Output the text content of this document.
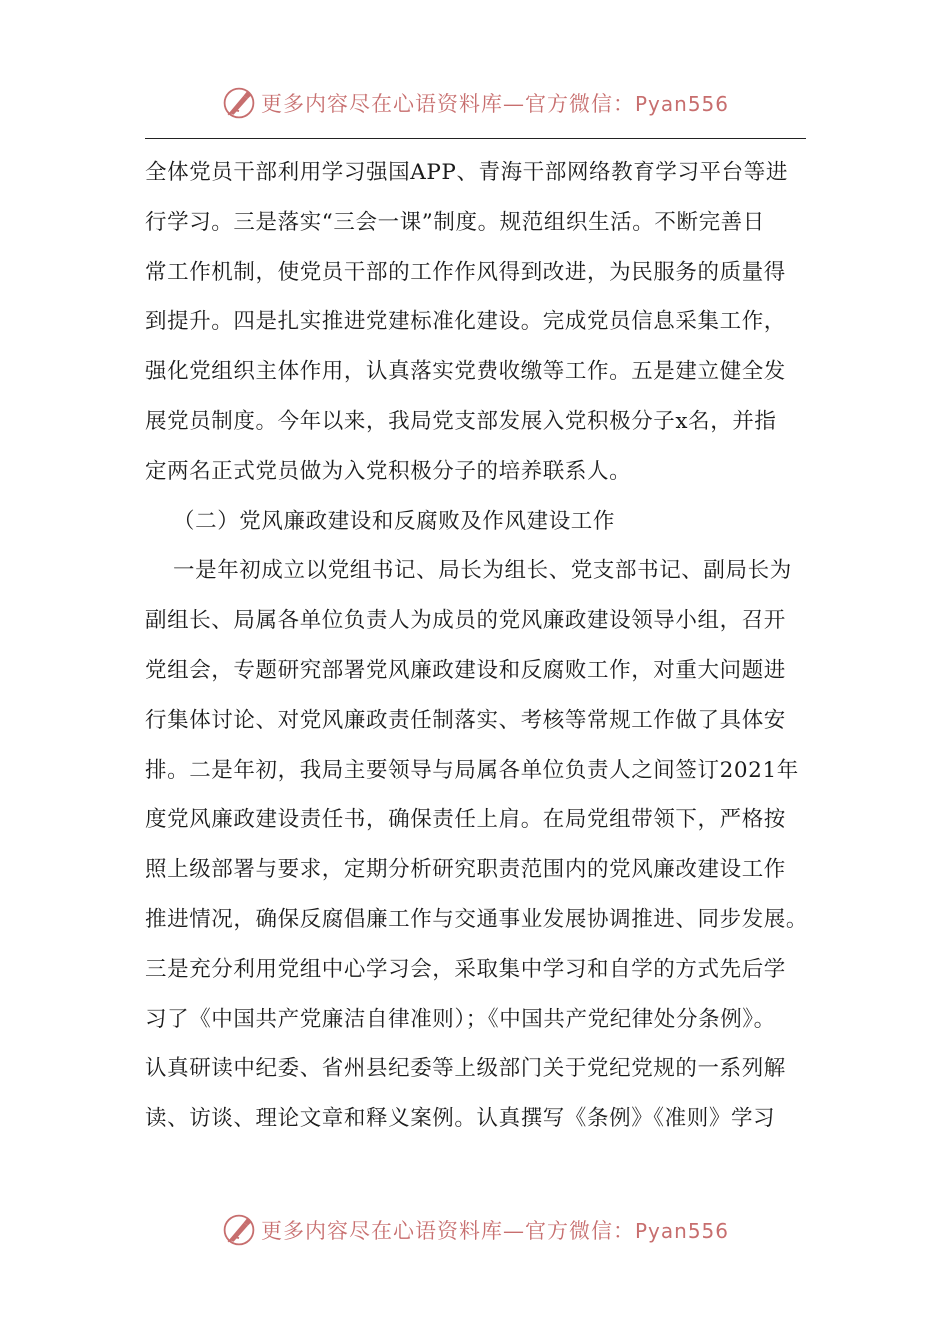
更多内容尽在心语资料库—官方微信：Pyan556
全体党员干部利用学习强国APP、青海干部网络教育学习平台等进
行学习。三是落实“三会一课”制度。规范组织生活。不断完善日
常工作机制，使党员干部的工作作风得到改进，为民服务的质量得
到提升。四是扎实推进党建标准化建设。完成党员信息采集工作，
强化党组织主体作用，认真落实党费收缴等工作。五是建立健全发
展党员制度。今年以来，我局党支部发展入党积极分子x名，并指
定两名正式党员做为入党积极分子的培养联系人。
（二）党风廉政建设和反腐败及作风建设工作
一是年初成立以党组书记、局长为组长、党支部书记、副局长为
副组长、局属各单位负责人为成员的党风廉政建设领导小组，召开
党组会，专题研究部署党风廉政建设和反腐败工作，对重大问题进
行集体讨论、对党风廉政责任制落实、考核等常规工作做了具体安
排。二是年初，我局主要领导与局属各单位负责人之间签订2021年
度党风廉政建设责任书，确保责任上肩。在局党组带领下，严格按
照上级部署与要求，定期分析研究职责范围内的党风廉改建设工作
推进情况，确保反腐倡廉工作与交通事业发展协调推进、同步发展。
三是充分利用党组中心学习会，采取集中学习和自学的方式先后学
习了《中国共产党廉洁自律准则）；《中国共产党纪律处分条例》。
认真研读中纪委、省州县纪委等上级部门关于党纪党规的一系列解
读、访谈、理论文章和释义案例。认真撰写《条例》《准则》学习
更多内容尽在心语资料库—官方微信：Pyan556
